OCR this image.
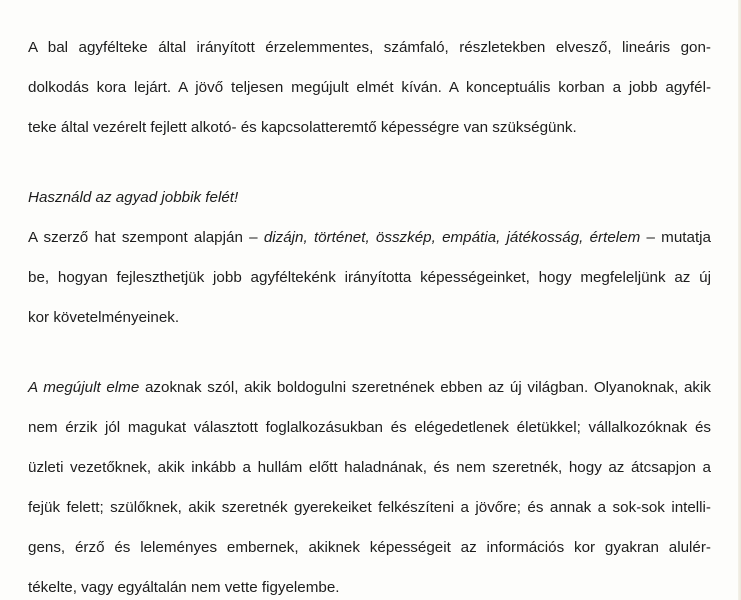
A bal agyfélteke által irányított érzelemmentes, számfaló, részletekben elvesző, lineáris gon-
dolkodás kora lejárt. A jövő teljesen megújult elmét kíván. A konceptuális korban a jobb agyfél-
teke által vezérelt fejlett alkotó- és kapcsolatteremtő képességre van szükségünk.
Használd az agyad jobbik felét!
A szerző hat szempont alapján – dizájn, történet, összkép, empátia, játékosság, értelem – mutatja
be, hogyan fejleszthetjük jobb agyféltekénk irányította képességeinket, hogy megfeleljünk az új
kor követelményeinek.
A megújult elme azoknak szól, akik boldogulni szeretnének ebben az új világban. Olyanoknak, akik
nem érzik jól magukat választott foglalkozásukban és elégedetlenek életükkel; vállalkozóknak és
üzleti vezetőknek, akik inkább a hullám előtt haladnának, és nem szeretnék, hogy az átcsapjon a
fejük felett; szülőknek, akik szeretnék gyerekeiket felkészíteni a jövőre; és annak a sok-sok intelli-
gens, érző és leleményes embernek, akiknek képességeit az információs kor gyakran alulér-
tékelte, vagy egyáltalán nem vette figyelembe.
